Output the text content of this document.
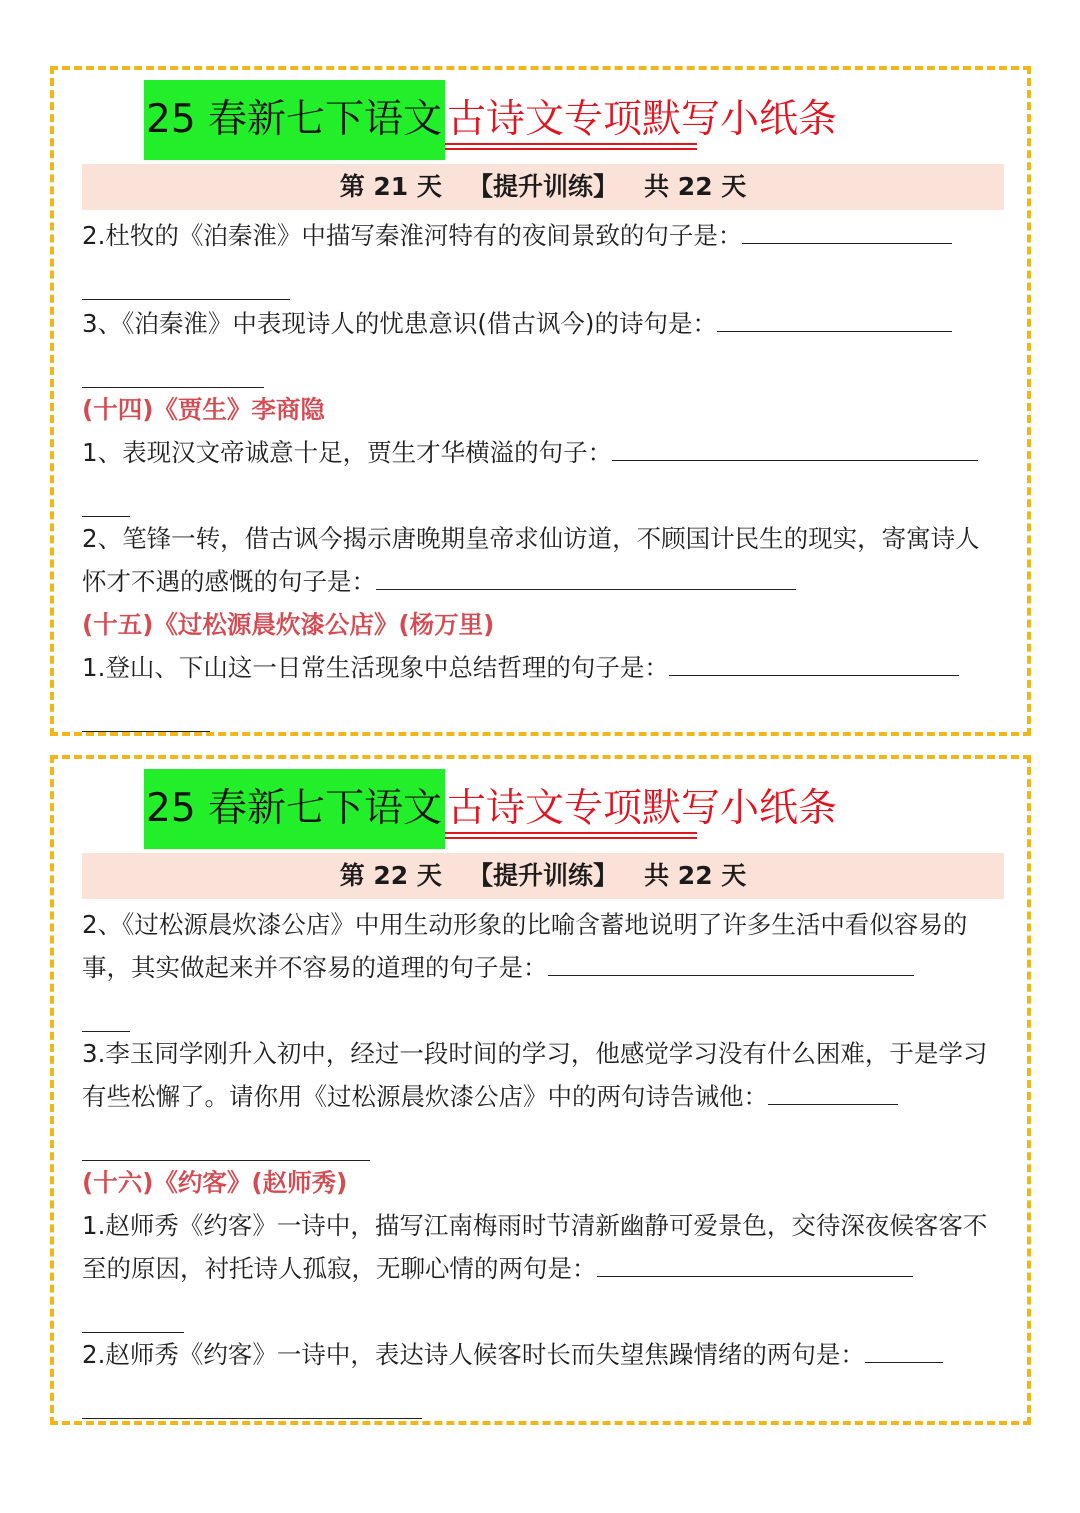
25 春新七下语文 古诗文专项默写小纸条
第 21 天   【提升训练】   共 22 天

2.杜牧的《泊秦淮》中描写秦淮河特有的夜间景致的句子是：

3、《泊秦淮》中表现诗人的忧患意识(借古讽今)的诗句是：

(十四)《贾生》李商隐

1、表现汉文帝诚意十足，贾生才华横溢的句子：

2、笔锋一转，借古讽今揭示唐晚期皇帝求仙访道，不顾国计民生的现实，寄寓诗人怀才不遇的感慨的句子是：

(十五)《过松源晨炊漆公店》(杨万里)

1.登山、下山这一日常生活现象中总结哲理的句子是：

25 春新七下语文 古诗文专项默写小纸条
第 22 天   【提升训练】   共 22 天

2、《过松源晨炊漆公店》中用生动形象的比喻含蓄地说明了许多生活中看似容易的事，其实做起来并不容易的道理的句子是：

3.李玉同学刚升入初中，经过一段时间的学习，他感觉学习没有什么困难，于是学习有些松懈了。请你用《过松源晨炊漆公店》中的两句诗告诫他：

(十六)《约客》(赵师秀)

1.赵师秀《约客》一诗中，描写江南梅雨时节清新幽静可爱景色，交待深夜候客客不至的原因，衬托诗人孤寂，无聊心情的两句是：

2.赵师秀《约客》一诗中，表达诗人候客时长而失望焦躁情绪的两句是：
